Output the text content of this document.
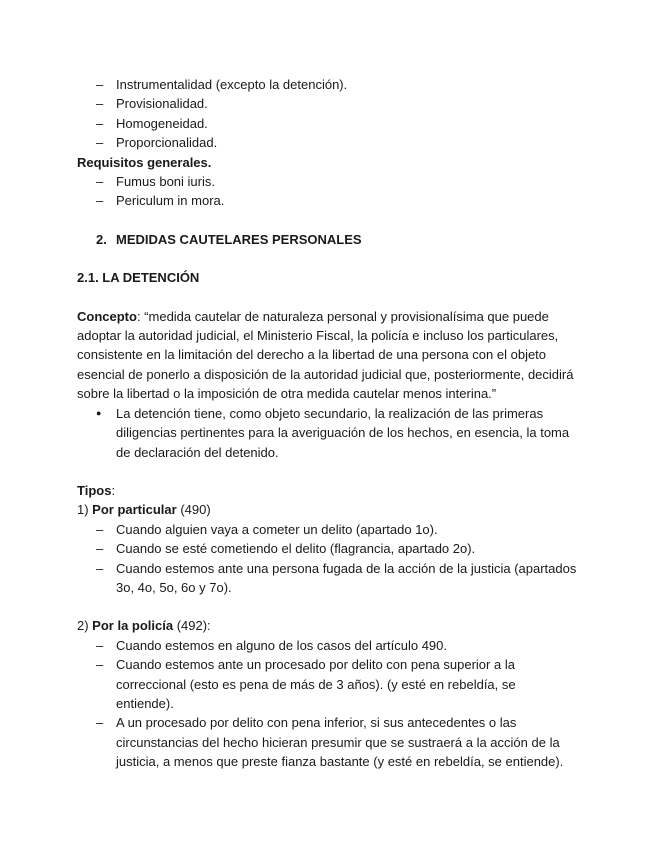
– Instrumentalidad (excepto la detención).
– Provisionalidad.
– Homogeneidad.
– Proporcionalidad.

Requisitos generales.

– Fumus boni iuris.
– Periculum in mora.

2. MEDIDAS CAUTELARES PERSONALES

2.1. LA DETENCIÓN

Concepto: “medida cautelar de naturaleza personal y provisionalísima que puede adoptar la autoridad judicial, el Ministerio Fiscal, la policía e incluso los particulares, consistente en la limitación del derecho a la libertad de una persona con el objeto esencial de ponerlo a disposición de la autoridad judicial que, posteriormente, decidirá sobre la libertad o la imposición de otra medida cautelar menos interina.”

● La detención tiene, como objeto secundario, la realización de las primeras diligencias pertinentes para la averiguación de los hechos, en esencia, la toma de declaración del detenido.

Tipos:

1) Por particular (490)

– Cuando alguien vaya a cometer un delito (apartado 1o).
– Cuando se esté cometiendo el delito (flagrancia, apartado 2o).
– Cuando estemos ante una persona fugada de la acción de la justicia (apartados 3o, 4o, 5o, 6o y 7o).

2) Por la policía (492):

– Cuando estemos en alguno de los casos del artículo 490.
– Cuando estemos ante un procesado por delito con pena superior a la correccional (esto es pena de más de 3 años). (y esté en rebeldía, se entiende).
– A un procesado por delito con pena inferior, si sus antecedentes o las circunstancias del hecho hicieran presumir que se sustraerá a la acción de la justicia, a menos que preste fianza bastante (y esté en rebeldía, se entiende).
